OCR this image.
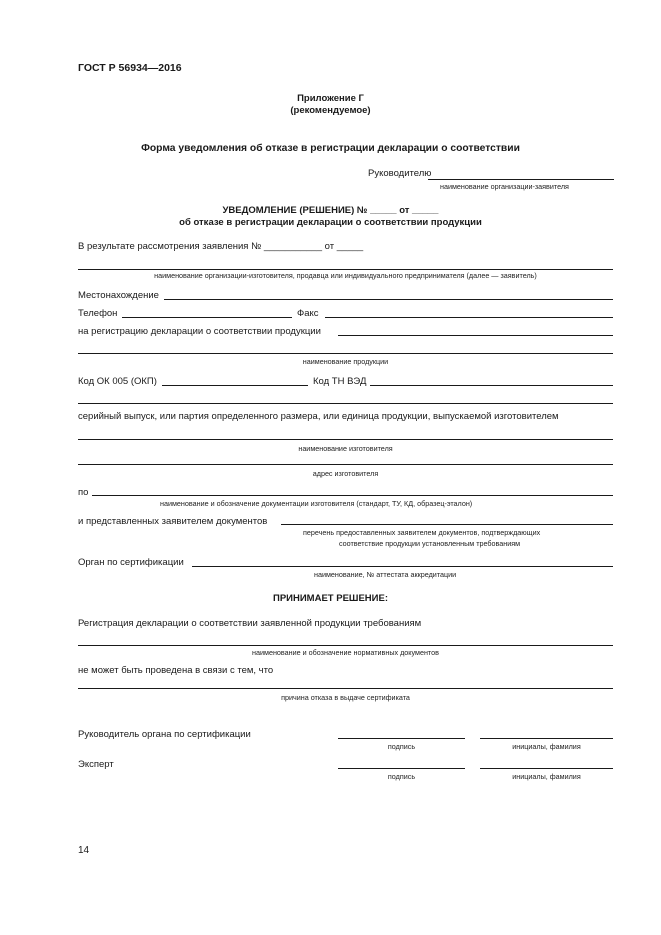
ГОСТ Р 56934—2016
Приложение Г
(рекомендуемое)
Форма уведомления об отказе в регистрации декларации о соответствии
Руководителю
наименование организации-заявителя
УВЕДОМЛЕНИЕ (РЕШЕНИЕ) № _____ от _____
об отказе в регистрации декларации о соответствии продукции
В результате рассмотрения заявления № ___________ от _____
наименование организации-изготовителя, продавца или индивидуального предпринимателя (далее — заявитель)
Местонахождение
Телефон	Факс
на регистрацию декларации о соответствии продукции
наименование продукции
Код ОК 005 (ОКП)	Код ТН ВЭД
серийный выпуск, или партия определенного размера, или единица продукции, выпускаемой изготовителем
наименование изготовителя
адрес изготовителя
по
наименование и обозначение документации изготовителя (стандарт, ТУ, КД, образец-эталон)
и представленных заявителем документов
перечень предоставленных заявителем документов, подтверждающих
соответствие продукции установленным требованиям
Орган по сертификации
наименование, № аттестата аккредитации
ПРИНИМАЕТ РЕШЕНИЕ:
Регистрация декларации о соответствии заявленной продукции требованиям
наименование и обозначение нормативных документов
не может быть проведена в связи с тем, что
причина отказа в выдаче сертификата
Руководитель органа по сертификации
подпись	инициалы, фамилия
Эксперт
подпись	инициалы, фамилия
14
